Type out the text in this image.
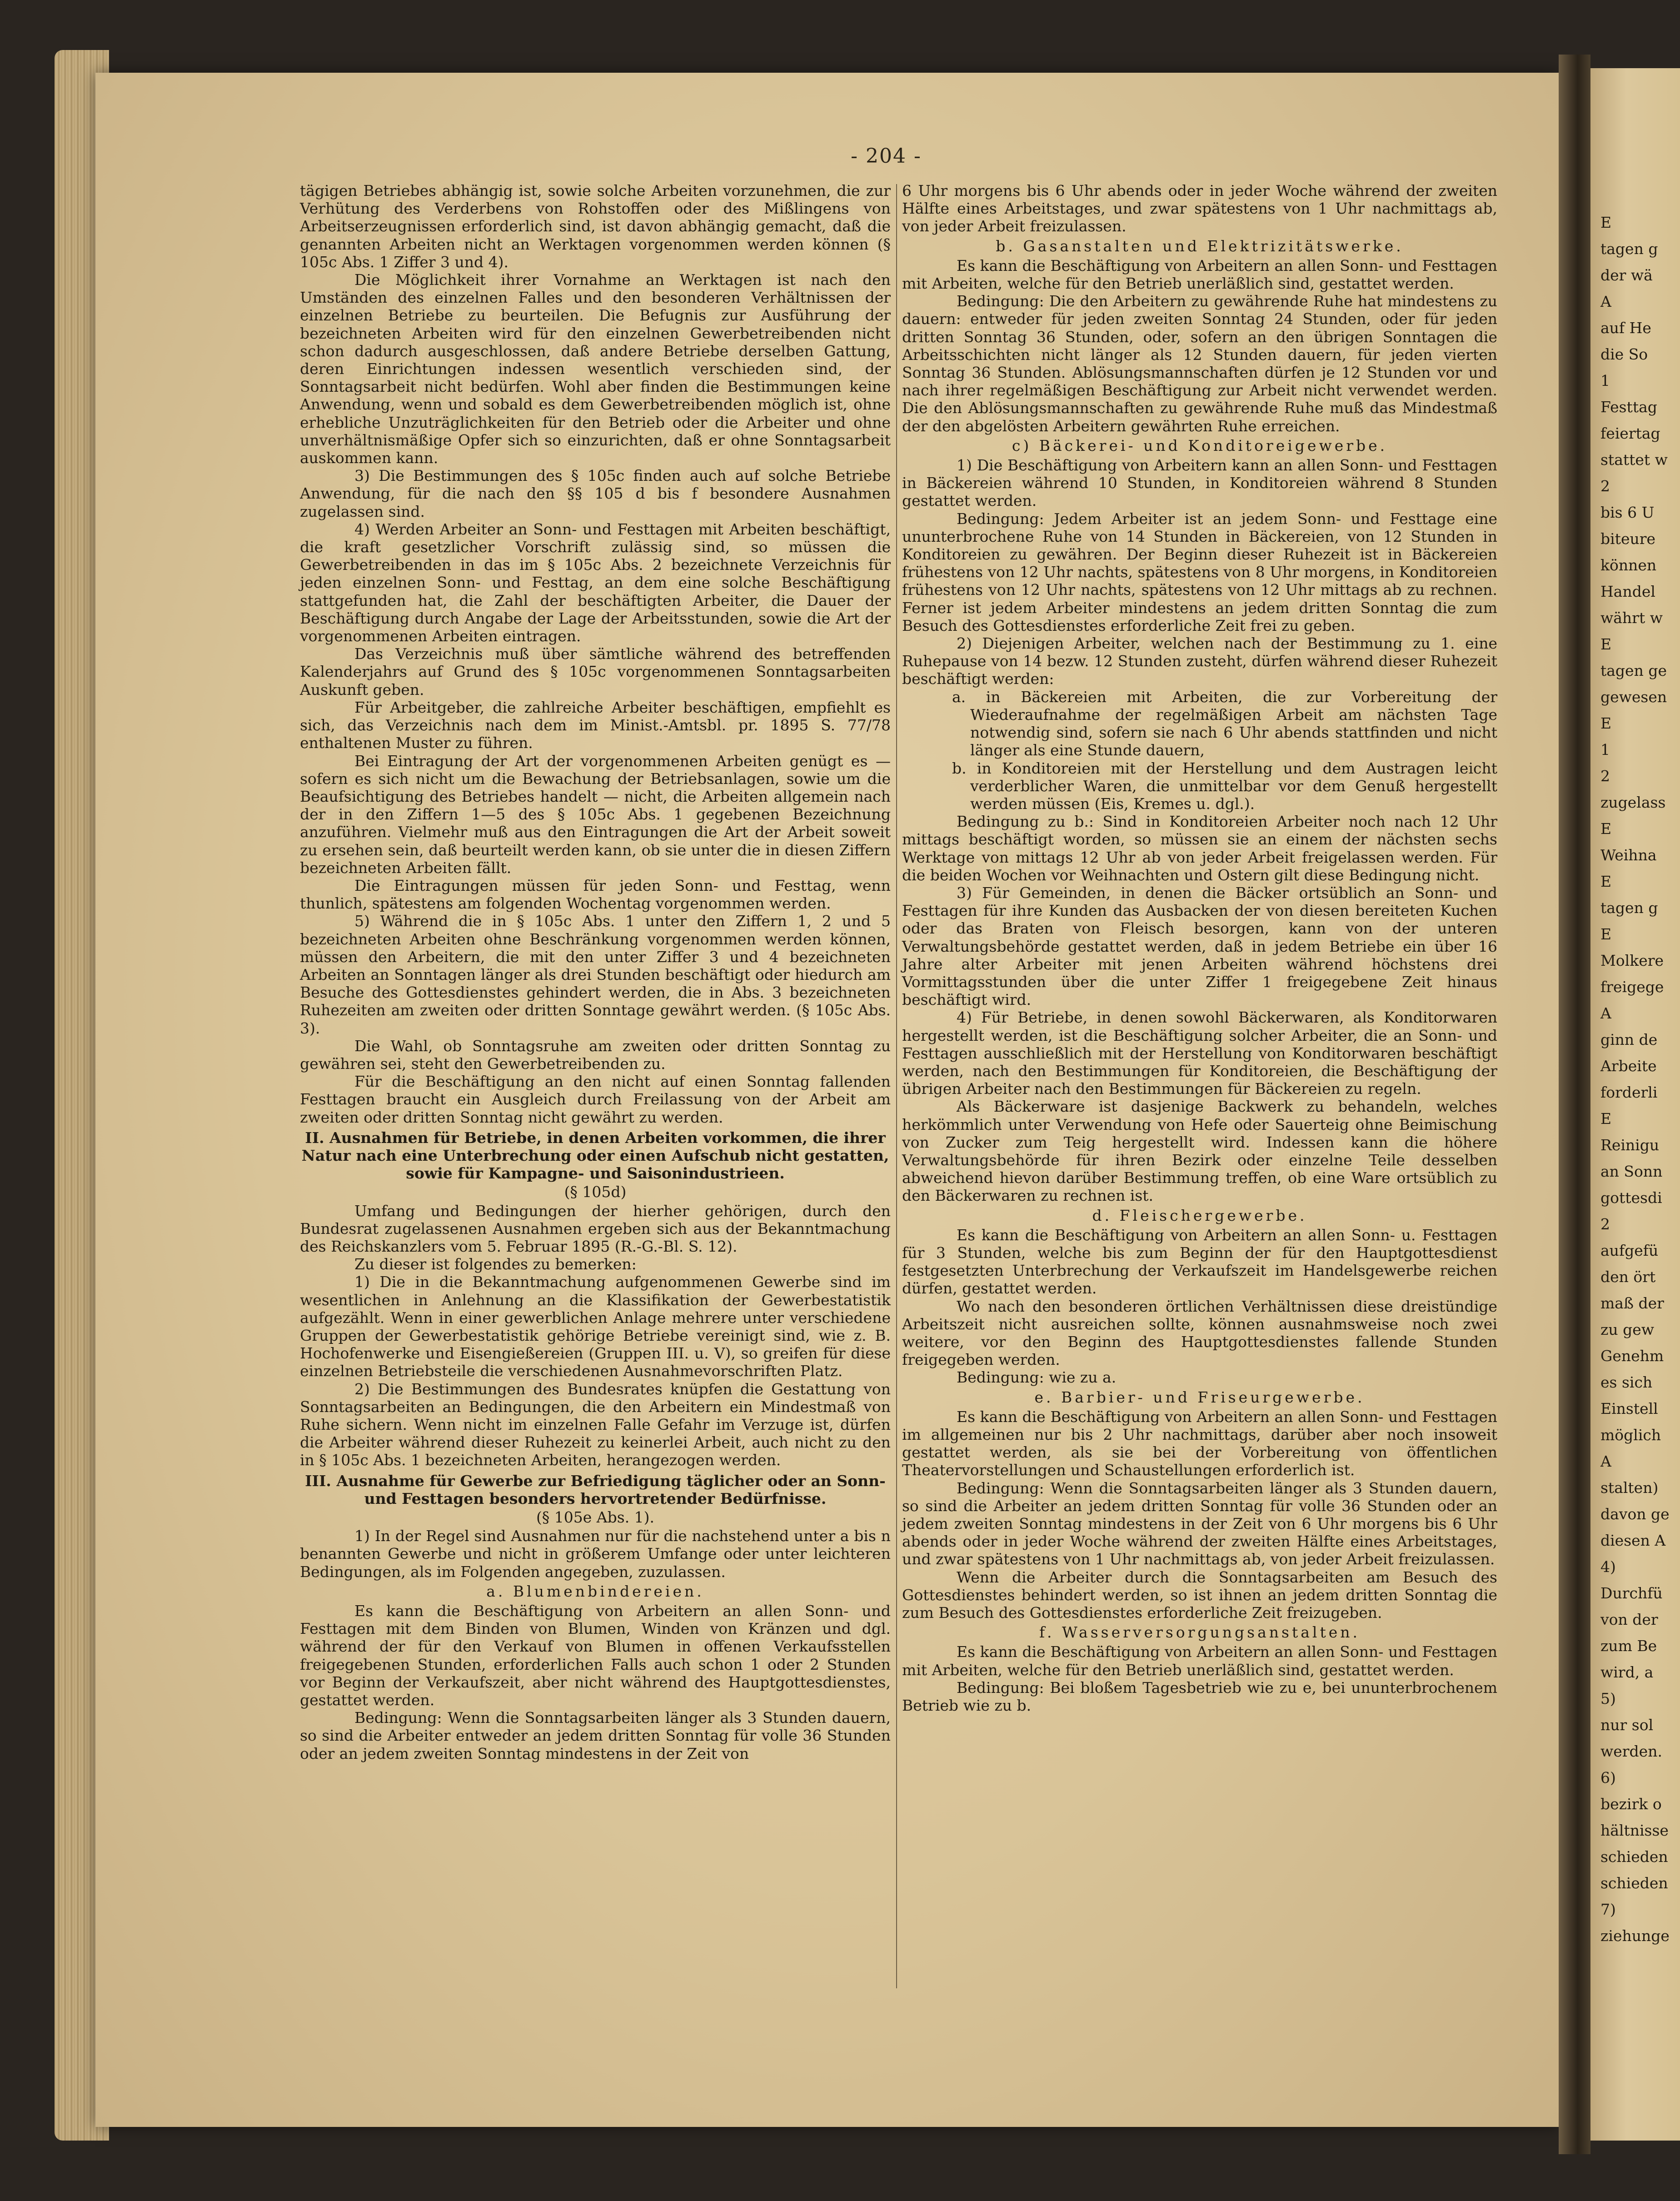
E
tagen g
der wä
A
auf He
die So
1
Festtag
feiertag
stattet w
2
bis 6 U
biteure
können
Handel
währt w
E
tagen ge
gewesen
E
1
2
zugelass
E
Weihna
E
tagen g
E
Molkere
freigege
A
ginn de
Arbeite
forderli
E
Reinigu
an Sonn
gottesdi
2
aufgefü
den ört
maß der
zu gew
Genehm
es sich
Einstell
möglich
A
stalten)
davon ge
diesen A
4)
Durchfü
von der
zum Be
wird, a
5)
nur sol
werden.
6)
bezirk o
hältnisse
schieden
schieden
7)
ziehunge
- 204 -

tägigen Betriebes abhängig ist, sowie solche Arbeiten vorzunehmen, die zur Verhütung des Verderbens von Rohstoffen oder des Mißlingens von Arbeitserzeugnissen erforderlich sind, ist davon abhängig gemacht, daß die genannten Arbeiten nicht an Werktagen vorgenommen werden können (§ 105c Abs. 1 Ziffer 3 und 4).

Die Möglichkeit ihrer Vornahme an Werktagen ist nach den Umständen des einzelnen Falles und den besonderen Verhältnissen der einzelnen Betriebe zu beurteilen. Die Befugnis zur Ausführung der bezeichneten Arbeiten wird für den einzelnen Gewerbetreibenden nicht schon dadurch ausgeschlossen, daß andere Betriebe derselben Gattung, deren Einrichtungen indessen wesentlich verschieden sind, der Sonntagsarbeit nicht bedürfen. Wohl aber finden die Bestimmungen keine Anwendung, wenn und sobald es dem Gewerbetreibenden möglich ist, ohne erhebliche Unzuträglichkeiten für den Betrieb oder die Arbeiter und ohne unverhältnismäßige Opfer sich so einzurichten, daß er ohne Sonntagsarbeit auskommen kann.

3) Die Bestimmungen des § 105c finden auch auf solche Betriebe Anwendung, für die nach den §§ 105 d bis f besondere Ausnahmen zugelassen sind.

4) Werden Arbeiter an Sonn- und Festtagen mit Arbeiten beschäftigt, die kraft gesetzlicher Vorschrift zulässig sind, so müssen die Gewerbetreibenden in das im § 105c Abs. 2 bezeichnete Verzeichnis für jeden einzelnen Sonn- und Festtag, an dem eine solche Beschäftigung stattgefunden hat, die Zahl der beschäftigten Arbeiter, die Dauer der Beschäftigung durch Angabe der Lage der Arbeitsstunden, sowie die Art der vorgenommenen Arbeiten eintragen.

Das Verzeichnis muß über sämtliche während des betreffenden Kalenderjahrs auf Grund des § 105c vorgenommenen Sonntagsarbeiten Auskunft geben.

Für Arbeitgeber, die zahlreiche Arbeiter beschäftigen, empfiehlt es sich, das Verzeichnis nach dem im Minist.-Amtsbl. pr. 1895 S. 77/78 enthaltenen Muster zu führen.

Bei Eintragung der Art der vorgenommenen Arbeiten genügt es — sofern es sich nicht um die Bewachung der Betriebsanlagen, sowie um die Beaufsichtigung des Betriebes handelt — nicht, die Arbeiten allgemein nach der in den Ziffern 1—5 des § 105c Abs. 1 gegebenen Bezeichnung anzuführen. Vielmehr muß aus den Eintragungen die Art der Arbeit soweit zu ersehen sein, daß beurteilt werden kann, ob sie unter die in diesen Ziffern bezeichneten Arbeiten fällt.

Die Eintragungen müssen für jeden Sonn- und Festtag, wenn thunlich, spätestens am folgenden Wochentag vorgenommen werden.

5) Während die in § 105c Abs. 1 unter den Ziffern 1, 2 und 5 bezeichneten Arbeiten ohne Beschränkung vorgenommen werden können, müssen den Arbeitern, die mit den unter Ziffer 3 und 4 bezeichneten Arbeiten an Sonntagen länger als drei Stunden beschäftigt oder hiedurch am Besuche des Gottesdienstes gehindert werden, die in Abs. 3 bezeichneten Ruhezeiten am zweiten oder dritten Sonntage gewährt werden. (§ 105c Abs. 3).

Die Wahl, ob Sonntagsruhe am zweiten oder dritten Sonntag zu gewähren sei, steht den Gewerbetreibenden zu.

Für die Beschäftigung an den nicht auf einen Sonntag fallenden Festtagen braucht ein Ausgleich durch Freilassung von der Arbeit am zweiten oder dritten Sonntag nicht gewährt zu werden.

II. Ausnahmen für Betriebe, in denen Arbeiten vorkommen, die ihrer Natur nach eine Unterbrechung oder einen Aufschub nicht gestatten, sowie für Kampagne- und Saisonindustrieen.

(§ 105d)

Umfang und Bedingungen der hierher gehörigen, durch den Bundesrat zugelassenen Ausnahmen ergeben sich aus der Bekanntmachung des Reichskanzlers vom 5. Februar 1895 (R.-G.-Bl. S. 12).

Zu dieser ist folgendes zu bemerken:

1) Die in die Bekanntmachung aufgenommenen Gewerbe sind im wesentlichen in Anlehnung an die Klassifikation der Gewerbestatistik aufgezählt. Wenn in einer gewerblichen Anlage mehrere unter verschiedene Gruppen der Gewerbestatistik gehörige Betriebe vereinigt sind, wie z. B. Hochofenwerke und Eisengießereien (Gruppen III. u. V), so greifen für diese einzelnen Betriebsteile die verschiedenen Ausnahmevorschriften Platz.

2) Die Bestimmungen des Bundesrates knüpfen die Gestattung von Sonntagsarbeiten an Bedingungen, die den Arbeitern ein Mindestmaß von Ruhe sichern. Wenn nicht im einzelnen Falle Gefahr im Verzuge ist, dürfen die Arbeiter während dieser Ruhezeit zu keinerlei Arbeit, auch nicht zu den in § 105c Abs. 1 bezeichneten Arbeiten, herangezogen werden.

III. Ausnahme für Gewerbe zur Befriedigung täglicher oder an Sonn- und Festtagen besonders hervortretender Bedürfnisse.

(§ 105e Abs. 1).

1) In der Regel sind Ausnahmen nur für die nachstehend unter a bis n benannten Gewerbe und nicht in größerem Umfange oder unter leichteren Bedingungen, als im Folgenden angegeben, zuzulassen.

a. Blumenbindereien.

Es kann die Beschäftigung von Arbeitern an allen Sonn- und Festtagen mit dem Binden von Blumen, Winden von Kränzen und dgl. während der für den Verkauf von Blumen in offenen Verkaufsstellen freigegebenen Stunden, erforderlichen Falls auch schon 1 oder 2 Stunden vor Beginn der Verkaufszeit, aber nicht während des Hauptgottesdienstes, gestattet werden.

Bedingung: Wenn die Sonntagsarbeiten länger als 3 Stunden dauern, so sind die Arbeiter entweder an jedem dritten Sonntag für volle 36 Stunden oder an jedem zweiten Sonntag mindestens in der Zeit von

6 Uhr morgens bis 6 Uhr abends oder in jeder Woche während der zweiten Hälfte eines Arbeitstages, und zwar spätestens von 1 Uhr nachmittags ab, von jeder Arbeit freizulassen.

b. Gasanstalten und Elektrizitätswerke.

Es kann die Beschäftigung von Arbeitern an allen Sonn- und Festtagen mit Arbeiten, welche für den Betrieb unerläßlich sind, gestattet werden.

Bedingung: Die den Arbeitern zu gewährende Ruhe hat mindestens zu dauern: entweder für jeden zweiten Sonntag 24 Stunden, oder für jeden dritten Sonntag 36 Stunden, oder, sofern an den übrigen Sonntagen die Arbeitsschichten nicht länger als 12 Stunden dauern, für jeden vierten Sonntag 36 Stunden. Ablösungsmannschaften dürfen je 12 Stunden vor und nach ihrer regelmäßigen Beschäftigung zur Arbeit nicht verwendet werden. Die den Ablösungsmannschaften zu gewährende Ruhe muß das Mindestmaß der den abgelösten Arbeitern gewährten Ruhe erreichen.

c) Bäckerei- und Konditoreigewerbe.

1) Die Beschäftigung von Arbeitern kann an allen Sonn- und Festtagen in Bäckereien während 10 Stunden, in Konditoreien während 8 Stunden gestattet werden.

Bedingung: Jedem Arbeiter ist an jedem Sonn- und Festtage eine ununterbrochene Ruhe von 14 Stunden in Bäckereien, von 12 Stunden in Konditoreien zu gewähren. Der Beginn dieser Ruhezeit ist in Bäckereien frühestens von 12 Uhr nachts, spätestens von 8 Uhr morgens, in Konditoreien frühestens von 12 Uhr nachts, spätestens von 12 Uhr mittags ab zu rechnen. Ferner ist jedem Arbeiter mindestens an jedem dritten Sonntag die zum Besuch des Gottesdienstes erforderliche Zeit frei zu geben.

2) Diejenigen Arbeiter, welchen nach der Bestimmung zu 1. eine Ruhepause von 14 bezw. 12 Stunden zusteht, dürfen während dieser Ruhezeit beschäftigt werden:

a. in Bäckereien mit Arbeiten, die zur Vorbereitung der Wiederaufnahme der regelmäßigen Arbeit am nächsten Tage notwendig sind, sofern sie nach 6 Uhr abends stattfinden und nicht länger als eine Stunde dauern,

b. in Konditoreien mit der Herstellung und dem Austragen leicht verderblicher Waren, die unmittelbar vor dem Genuß hergestellt werden müssen (Eis, Kremes u. dgl.).

Bedingung zu b.: Sind in Konditoreien Arbeiter noch nach 12 Uhr mittags beschäftigt worden, so müssen sie an einem der nächsten sechs Werktage von mittags 12 Uhr ab von jeder Arbeit freigelassen werden. Für die beiden Wochen vor Weihnachten und Ostern gilt diese Bedingung nicht.

3) Für Gemeinden, in denen die Bäcker ortsüblich an Sonn- und Festtagen für ihre Kunden das Ausbacken der von diesen bereiteten Kuchen oder das Braten von Fleisch besorgen, kann von der unteren Verwaltungsbehörde gestattet werden, daß in jedem Betriebe ein über 16 Jahre alter Arbeiter mit jenen Arbeiten während höchstens drei Vormittagsstunden über die unter Ziffer 1 freigegebene Zeit hinaus beschäftigt wird.

4) Für Betriebe, in denen sowohl Bäckerwaren, als Konditorwaren hergestellt werden, ist die Beschäftigung solcher Arbeiter, die an Sonn- und Festtagen ausschließlich mit der Herstellung von Konditorwaren beschäftigt werden, nach den Bestimmungen für Konditoreien, die Beschäftigung der übrigen Arbeiter nach den Bestimmungen für Bäckereien zu regeln.

Als Bäckerware ist dasjenige Backwerk zu behandeln, welches herkömmlich unter Verwendung von Hefe oder Sauerteig ohne Beimischung von Zucker zum Teig hergestellt wird. Indessen kann die höhere Verwaltungsbehörde für ihren Bezirk oder einzelne Teile desselben abweichend hievon darüber Bestimmung treffen, ob eine Ware ortsüblich zu den Bäckerwaren zu rechnen ist.

d. Fleischergewerbe.

Es kann die Beschäftigung von Arbeitern an allen Sonn- u. Festtagen für 3 Stunden, welche bis zum Beginn der für den Hauptgottesdienst festgesetzten Unterbrechung der Verkaufszeit im Handelsgewerbe reichen dürfen, gestattet werden.

Wo nach den besonderen örtlichen Verhältnissen diese dreistündige Arbeitszeit nicht ausreichen sollte, können ausnahmsweise noch zwei weitere, vor den Beginn des Hauptgottesdienstes fallende Stunden freigegeben werden.

Bedingung: wie zu a.

e. Barbier- und Friseurgewerbe.

Es kann die Beschäftigung von Arbeitern an allen Sonn- und Festtagen im allgemeinen nur bis 2 Uhr nachmittags, darüber aber noch insoweit gestattet werden, als sie bei der Vorbereitung von öffentlichen Theatervorstellungen und Schaustellungen erforderlich ist.

Bedingung: Wenn die Sonntagsarbeiten länger als 3 Stunden dauern, so sind die Arbeiter an jedem dritten Sonntag für volle 36 Stunden oder an jedem zweiten Sonntag mindestens in der Zeit von 6 Uhr morgens bis 6 Uhr abends oder in jeder Woche während der zweiten Hälfte eines Arbeitstages, und zwar spätestens von 1 Uhr nachmittags ab, von jeder Arbeit freizulassen.

Wenn die Arbeiter durch die Sonntagsarbeiten am Besuch des Gottesdienstes behindert werden, so ist ihnen an jedem dritten Sonntag die zum Besuch des Gottesdienstes erforderliche Zeit freizugeben.

f. Wasserversorgungsanstalten.

Es kann die Beschäftigung von Arbeitern an allen Sonn- und Festtagen mit Arbeiten, welche für den Betrieb unerläßlich sind, gestattet werden.

Bedingung: Bei bloßem Tagesbetrieb wie zu e, bei ununterbrochenem Betrieb wie zu b.
